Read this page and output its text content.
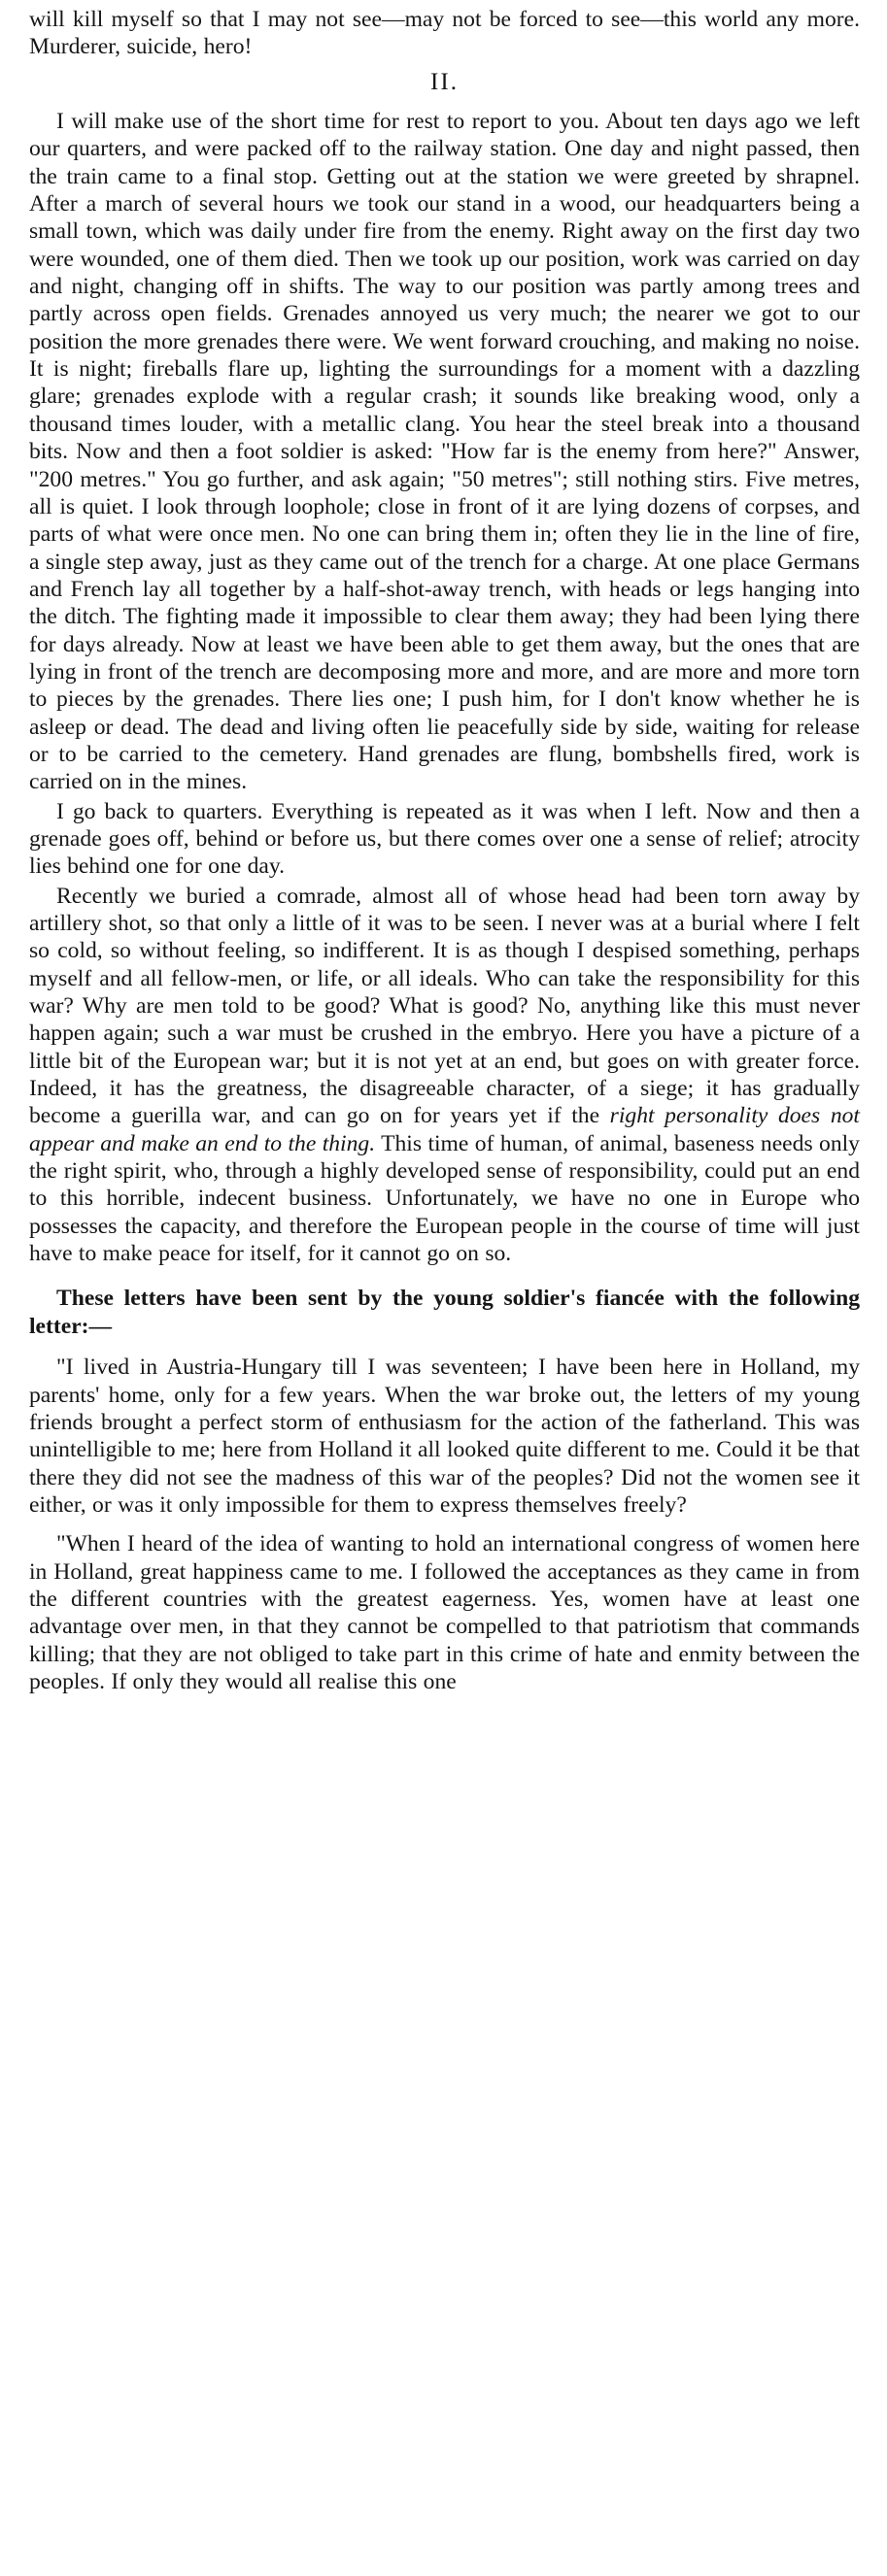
will kill myself so that I may not see—may not be forced to see—this world any more. Murderer, suicide, hero!

II.

I will make use of the short time for rest to report to you. About ten days ago we left our quarters, and were packed off to the railway station. One day and night passed, then the train came to a final stop. Getting out at the station we were greeted by shrapnel. After a march of several hours we took our stand in a wood, our headquarters being a small town, which was daily under fire from the enemy. Right away on the first day two were wounded, one of them died. Then we took up our position, work was carried on day and night, changing off in shifts. The way to our position was partly among trees and partly across open fields. Grenades annoyed us very much; the nearer we got to our position the more grenades there were. We went forward crouching, and making no noise. It is night; fireballs flare up, lighting the surroundings for a moment with a dazzling glare; grenades explode with a regular crash; it sounds like breaking wood, only a thousand times louder, with a metallic clang. You hear the steel break into a thousand bits. Now and then a foot soldier is asked: "How far is the enemy from here?" Answer, "200 metres." You go further, and ask again; "50 metres"; still nothing stirs. Five metres, all is quiet. I look through loophole; close in front of it are lying dozens of corpses, and parts of what were once men. No one can bring them in; often they lie in the line of fire, a single step away, just as they came out of the trench for a charge. At one place Germans and French lay all together by a half-shot-away trench, with heads or legs hanging into the ditch. The fighting made it impossible to clear them away; they had been lying there for days already. Now at least we have been able to get them away, but the ones that are lying in front of the trench are decomposing more and more, and are more and more torn to pieces by the grenades. There lies one; I push him, for I don't know whether he is asleep or dead. The dead and living often lie peacefully side by side, waiting for release or to be carried to the cemetery. Hand grenades are flung, bombshells fired, work is carried on in the mines.

I go back to quarters. Everything is repeated as it was when I left. Now and then a grenade goes off, behind or before us, but there comes over one a sense of relief; atrocity lies behind one for one day.

Recently we buried a comrade, almost all of whose head had been torn away by artillery shot, so that only a little of it was to be seen. I never was at a burial where I felt so cold, so without feeling, so indifferent. It is as though I despised something, perhaps myself and all fellow-men, or life, or all ideals. Who can take the responsibility for this war? Why are men told to be good? What is good? No, anything like this must never happen again; such a war must be crushed in the embryo. Here you have a picture of a little bit of the European war; but it is not yet at an end, but goes on with greater force. Indeed, it has the greatness, the disagreeable character, of a siege; it has gradually become a guerilla war, and can go on for years yet if the right personality does not appear and make an end to the thing. This time of human, of animal, baseness needs only the right spirit, who, through a highly developed sense of responsibility, could put an end to this horrible, indecent business. Unfortunately, we have no one in Europe who possesses the capacity, and therefore the European people in the course of time will just have to make peace for itself, for it cannot go on so.

These letters have been sent by the young soldier's fiancée with the following letter:—

"I lived in Austria-Hungary till I was seventeen; I have been here in Holland, my parents' home, only for a few years. When the war broke out, the letters of my young friends brought a perfect storm of enthusiasm for the action of the fatherland. This was unintelligible to me; here from Holland it all looked quite different to me. Could it be that there they did not see the madness of this war of the peoples? Did not the women see it either, or was it only impossible for them to express themselves freely?

"When I heard of the idea of wanting to hold an international congress of women here in Holland, great happiness came to me. I followed the acceptances as they came in from the different countries with the greatest eagerness. Yes, women have at least one advantage over men, in that they cannot be compelled to that patriotism that commands killing; that they are not obliged to take part in this crime of hate and enmity between the peoples. If only they would all realise this one
